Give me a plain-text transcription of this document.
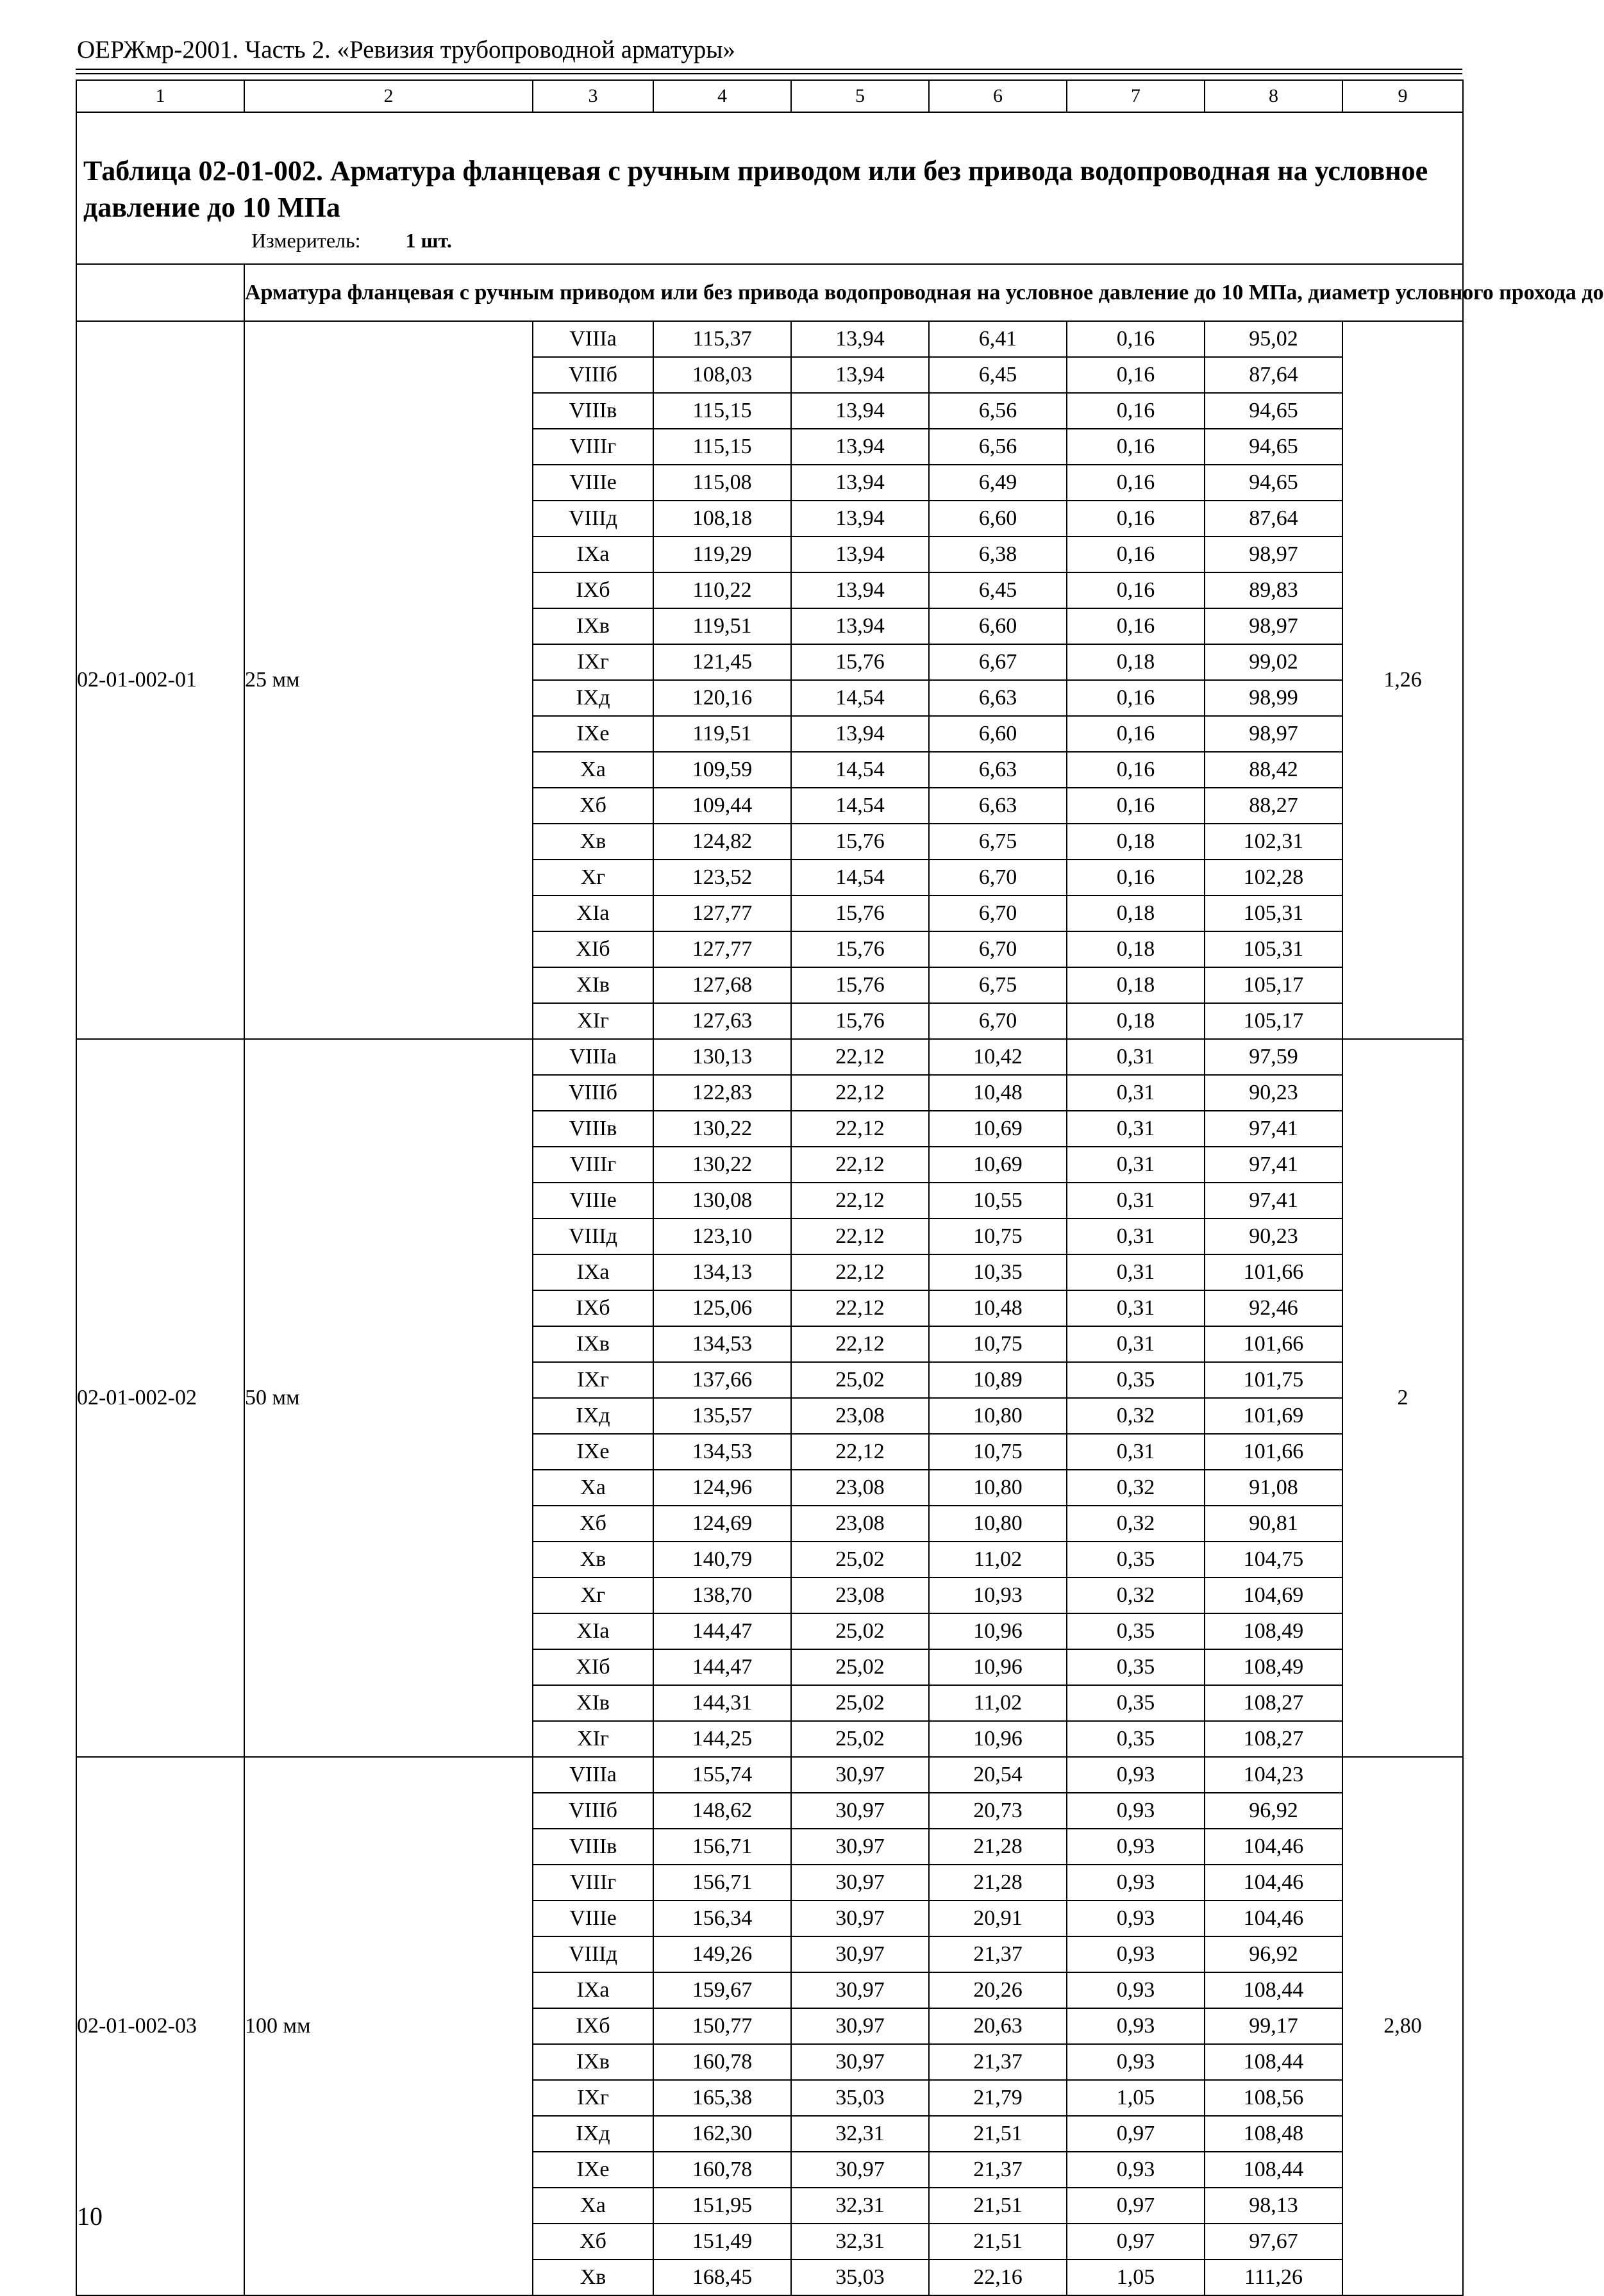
ОЕРЖмр-2001. Часть 2. «Ревизия трубопроводной арматуры»
1	2	3	4	5	6	7	8	9

Таблица 02-01-002. Арматура фланцевая с ручным приводом или без привода водопроводная на условное давление до 10 МПа
Измеритель: 1 шт.								

	Арматура фланцевая с ручным приводом или без привода водопроводная на условное давление до 10 МПа, диаметр условного прохода до							
02-01-002-01	25 мм	VIIIа	115,37	13,94	6,41	0,16	95,02	1,26
		VIIIб	108,03	13,94	6,45	0,16	87,64	
		VIIIв	115,15	13,94	6,56	0,16	94,65	
		VIIIг	115,15	13,94	6,56	0,16	94,65	
		VIIIе	115,08	13,94	6,49	0,16	94,65	
		VIIIд	108,18	13,94	6,60	0,16	87,64	
		IXа	119,29	13,94	6,38	0,16	98,97	
		IXб	110,22	13,94	6,45	0,16	89,83	
		IXв	119,51	13,94	6,60	0,16	98,97	
		IXг	121,45	15,76	6,67	0,18	99,02	
		IXд	120,16	14,54	6,63	0,16	98,99	
		IXе	119,51	13,94	6,60	0,16	98,97	
		Xа	109,59	14,54	6,63	0,16	88,42	
		Xб	109,44	14,54	6,63	0,16	88,27	
		Xв	124,82	15,76	6,75	0,18	102,31	
		Xг	123,52	14,54	6,70	0,16	102,28	
		XIа	127,77	15,76	6,70	0,18	105,31	
		XIб	127,77	15,76	6,70	0,18	105,31	
		XIв	127,68	15,76	6,75	0,18	105,17	
		XIг	127,63	15,76	6,70	0,18	105,17	
02-01-002-02	50 мм	VIIIа	130,13	22,12	10,42	0,31	97,59	2
		VIIIб	122,83	22,12	10,48	0,31	90,23	
		VIIIв	130,22	22,12	10,69	0,31	97,41	
		VIIIг	130,22	22,12	10,69	0,31	97,41	
		VIIIе	130,08	22,12	10,55	0,31	97,41	
		VIIIд	123,10	22,12	10,75	0,31	90,23	
		IXа	134,13	22,12	10,35	0,31	101,66	
		IXб	125,06	22,12	10,48	0,31	92,46	
		IXв	134,53	22,12	10,75	0,31	101,66	
		IXг	137,66	25,02	10,89	0,35	101,75	
		IXд	135,57	23,08	10,80	0,32	101,69	
		IXе	134,53	22,12	10,75	0,31	101,66	
		Xа	124,96	23,08	10,80	0,32	91,08	
		Xб	124,69	23,08	10,80	0,32	90,81	
		Xв	140,79	25,02	11,02	0,35	104,75	
		Xг	138,70	23,08	10,93	0,32	104,69	
		XIа	144,47	25,02	10,96	0,35	108,49	
		XIб	144,47	25,02	10,96	0,35	108,49	
		XIв	144,31	25,02	11,02	0,35	108,27	
		XIг	144,25	25,02	10,96	0,35	108,27	
02-01-002-03	100 мм	VIIIа	155,74	30,97	20,54	0,93	104,23	2,80
		VIIIб	148,62	30,97	20,73	0,93	96,92	
		VIIIв	156,71	30,97	21,28	0,93	104,46	
		VIIIг	156,71	30,97	21,28	0,93	104,46	
		VIIIе	156,34	30,97	20,91	0,93	104,46	
		VIIIд	149,26	30,97	21,37	0,93	96,92	
		IXа	159,67	30,97	20,26	0,93	108,44	
		IXб	150,77	30,97	20,63	0,93	99,17	
		IXв	160,78	30,97	21,37	0,93	108,44	
		IXг	165,38	35,03	21,79	1,05	108,56	
		IXд	162,30	32,31	21,51	0,97	108,48	
		IXе	160,78	30,97	21,37	0,93	108,44	
		Xа	151,95	32,31	21,51	0,97	98,13	
		Xб	151,49	32,31	21,51	0,97	97,67	
		Xв	168,45	35,03	22,16	1,05	111,26	
10
